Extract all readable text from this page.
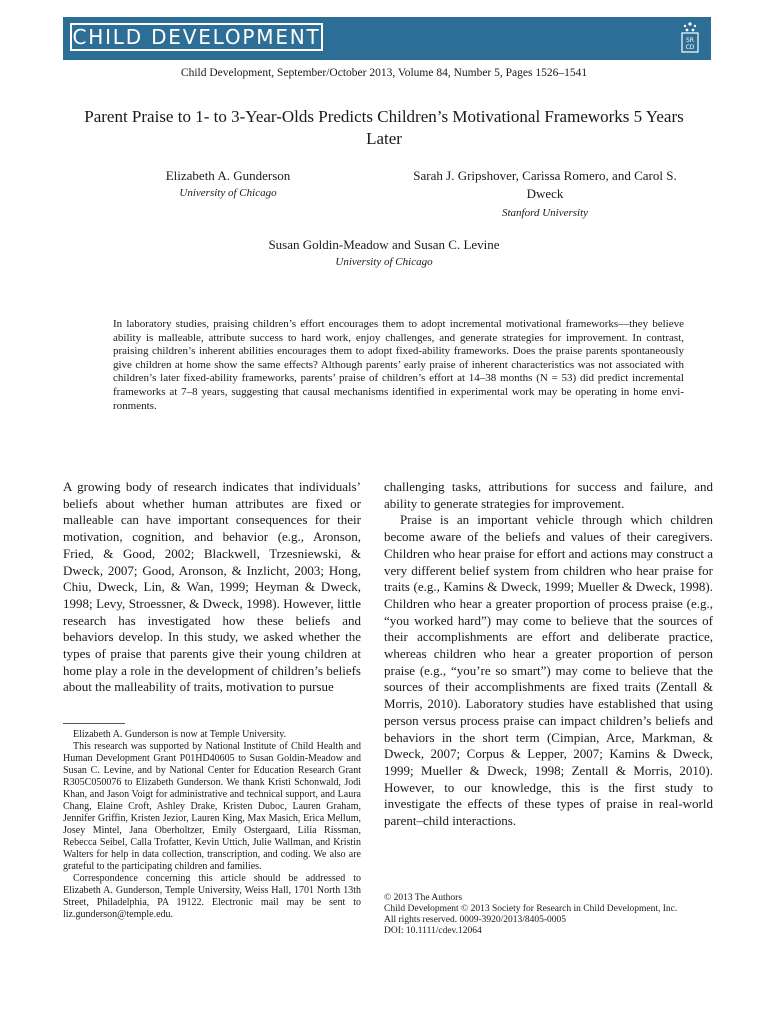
CHILD DEVELOPMENT	SR
CD
Child Development, September/October 2013, Volume 84, Number 5, Pages 1526–1541
Parent Praise to 1- to 3-Year-Olds Predicts Children’s Motivational Frameworks 5 Years Later
Elizabeth A. Gunderson
University of Chicago
Sarah J. Gripshover, Carissa Romero, and Carol S. Dweck
Stanford University
Susan Goldin-Meadow and Susan C. Levine
University of Chicago
In laboratory studies, praising children’s effort encourages them to adopt incremental motivational frameworks—they believe ability is malleable, attribute success to hard work, enjoy challenges, and generate strategies for improvement. In contrast, praising children’s inherent abilities encourages them to adopt fixed-ability frameworks. Does the praise parents spontaneously give children at home show the same effects? Although parents’ early praise of inherent characteristics was not associated with children’s later fixed-ability frameworks, parents’ praise of children’s effort at 14–38 months (N = 53) did predict incremental frameworks at 7–8 years, suggesting that causal mechanisms identified in experimental work may be operating in home environments.

A growing body of research indicates that individuals’ beliefs about whether human attributes are fixed or malleable can have important consequences for their motivation, cognition, and behavior (e.g., Aronson, Fried, & Good, 2002; Blackwell, Trzesniewski, & Dweck, 2007; Good, Aronson, & Inzlicht, 2003; Hong, Chiu, Dweck, Lin, & Wan, 1999; Heyman & Dweck, 1998; Levy, Stroessner, & Dweck, 1998). However, little research has investigated how these beliefs and behaviors develop. In this study, we asked whether the types of praise that parents give their young children at home play a role in the development of children’s beliefs about the malleability of traits, motivation to pursue

challenging tasks, attributions for success and failure, and ability to generate strategies for improvement.

Praise is an important vehicle through which children become aware of the beliefs and values of their caregivers. Children who hear praise for effort and actions may construct a very different belief system from children who hear praise for traits (e.g., Kamins & Dweck, 1999; Mueller & Dweck, 1998). Children who hear a greater proportion of process praise (e.g., “you worked hard”) may come to believe that the sources of their accomplishments are effort and deliberate practice, whereas children who hear a greater proportion of person praise (e.g., “you’re so smart”) may come to believe that the sources of their accomplishments are fixed traits (Zentall & Morris, 2010). Laboratory studies have established that using person versus process praise can impact children’s beliefs and behaviors in the short term (Cimpian, Arce, Markman, & Dweck, 2007; Corpus & Lepper, 2007; Kamins & Dweck, 1999; Mueller & Dweck, 1998; Zentall & Morris, 2010). However, to our knowledge, this is the first study to investigate the effects of these types of praise in real-world parent–child interactions.

Elizabeth A. Gunderson is now at Temple University.

This research was supported by National Institute of Child Health and Human Development Grant P01HD40605 to Susan Goldin-Meadow and Susan C. Levine, and by National Center for Education Research Grant R305C050076 to Elizabeth Gunderson. We thank Kristi Schonwald, Jodi Khan, and Jason Voigt for administrative and technical support, and Laura Chang, Elaine Croft, Ashley Drake, Kristen Duboc, Lauren Graham, Jennifer Griffin, Kristen Jezior, Lauren King, Max Masich, Erica Mellum, Josey Mintel, Jana Oberholtzer, Emily Ostergaard, Lilia Rissman, Rebecca Seibel, Calla Trofatter, Kevin Uttich, Julie Wallman, and Kristin Walters for help in data collection, transcription, and coding. We also are grateful to the participating children and families.

Correspondence concerning this article should be addressed to Elizabeth A. Gunderson, Temple University, Weiss Hall, 1701 North 13th Street, Philadelphia, PA 19122. Electronic mail may be sent to liz.gunderson@temple.edu.

© 2013 The Authors
Child Development © 2013 Society for Research in Child Development, Inc.
All rights reserved. 0009-3920/2013/8405-0005
DOI: 10.1111/cdev.12064
